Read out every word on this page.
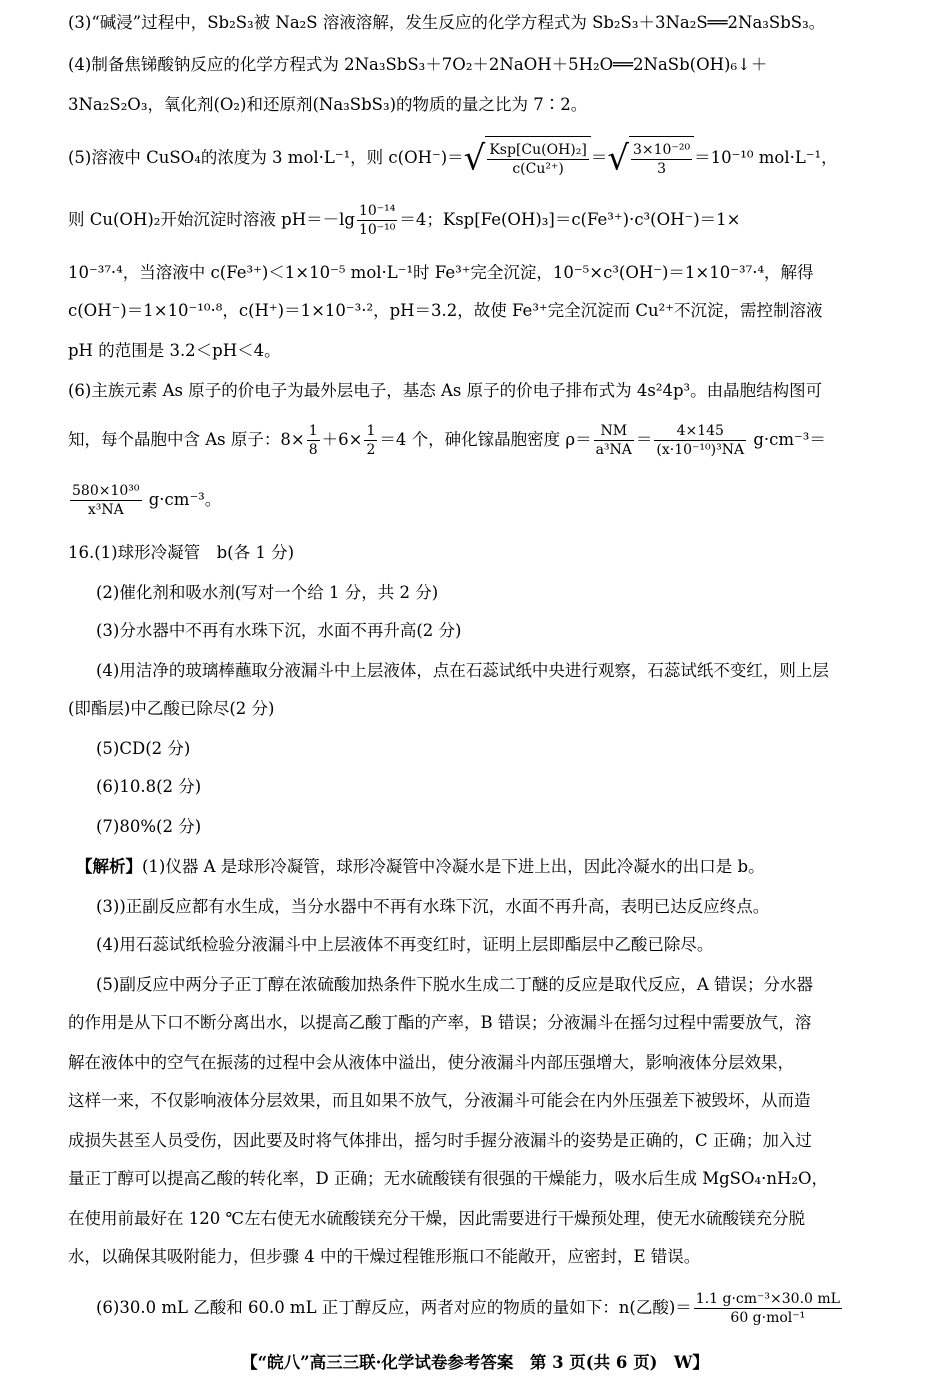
(3)“碱浸”过程中，Sb₂S₃被 Na₂S 溶液溶解，发生反应的化学方程式为 Sb₂S₃＋3Na₂S══2Na₃SbS₃。
(4)制备焦锑酸钠反应的化学方程式为 2Na₃SbS₃＋7O₂＋2NaOH＋5H₂O══2NaSb(OH)₆↓＋
3Na₂S₂O₃，氧化剂(O₂)和还原剂(Na₃SbS₃)的物质的量之比为 7∶2。
(5)溶液中 CuSO₄的浓度为 3 mol·L⁻¹，则 $c(OH^-)=√ \frac{\text{Ksp[Cu(OH)₂]}}{\text{c(Cu²⁺)}}$ ＝√ $\frac{\text{3×10⁻²⁰}}{3} =10^{-10}$ mol·L⁻¹，
则 Cu(OH)₂开始沉淀时溶液 $pH=-\lg \frac{\text{10⁻¹⁴}}{\text{10⁻¹⁰}} =4$；Ksp[Fe(OH)₃]＝c(Fe³⁺)·c³(OH⁻)＝1×
10⁻³⁷·⁴，当溶液中 c(Fe³⁺)＜1×10⁻⁵ mol·L⁻¹时 Fe³⁺完全沉淀，10⁻⁵×c³(OH⁻)＝1×10⁻³⁷·⁴，解得
c(OH⁻)＝1×10⁻¹⁰·⁸，c(H⁺)＝1×10⁻³·²，pH＝3.2，故使 Fe³⁺完全沉淀而 Cu²⁺不沉淀，需控制溶液
pH 的范围是 3.2＜pH＜4。
(6)主族元素 As 原子的价电子为最外层电子，基态 As 原子的价电子排布式为 4s²4p³。由晶胞结构图可
知，每个晶胞中含 As 原子：$8\times \frac{1}{8} +6\times \frac{1}{2} =4$ 个，砷化镓晶胞密度 $\rho= \frac{NM}{\text{a³NA}} = \frac{4\times 145}{\text{(x·10⁻¹⁰)³NA}} g\cdot cm^{-3}=$
$\frac{\text{580×10³⁰}}{\text{x³NA}} g\cdot cm^{-3}$。
16.(1)球形冷凝管　b(各 1 分)
(2)催化剂和吸水剂(写对一个给 1 分，共 2 分)
(3)分水器中不再有水珠下沉，水面不再升高(2 分)
(4)用洁净的玻璃棒蘸取分液漏斗中上层液体，点在石蕊试纸中央进行观察，石蕊试纸不变红，则上层
(即酯层)中乙酸已除尽(2 分)
(5)CD(2 分)
(6)10.8(2 分)
(7)80%(2 分)
【解析】(1)仪器 A 是球形冷凝管，球形冷凝管中冷凝水是下进上出，因此冷凝水的出口是 b。
(3))正副反应都有水生成，当分水器中不再有水珠下沉，水面不再升高，表明已达反应终点。
(4)用石蕊试纸检验分液漏斗中上层液体不再变红时，证明上层即酯层中乙酸已除尽。
(5)副反应中两分子正丁醇在浓硫酸加热条件下脱水生成二丁醚的反应是取代反应，A 错误；分水器
的作用是从下口不断分离出水，以提高乙酸丁酯的产率，B 错误；分液漏斗在摇匀过程中需要放气，溶
解在液体中的空气在振荡的过程中会从液体中溢出，使分液漏斗内部压强增大，影响液体分层效果，
这样一来，不仅影响液体分层效果，而且如果不放气，分液漏斗可能会在内外压强差下被毁坏，从而造
成损失甚至人员受伤，因此要及时将气体排出，摇匀时手握分液漏斗的姿势是正确的，C 正确；加入过
量正丁醇可以提高乙酸的转化率，D 正确；无水硫酸镁有很强的干燥能力，吸水后生成 MgSO₄·nH₂O，
在使用前最好在 120 ℃左右使无水硫酸镁充分干燥，因此需要进行干燥预处理，使无水硫酸镁充分脱
水，以确保其吸附能力，但步骤 4 中的干燥过程锥形瓶口不能敞开，应密封，E 错误。
(6)30.0 mL 乙酸和 60.0 mL 正丁醇反应，两者对应的物质的量如下：n(乙酸)＝ $\frac{\text{1.1 g·cm⁻³×30.0 mL}}{\text{60 g·mol⁻¹}}$
【“皖八”高三三联·化学试卷参考答案　第 3 页(共 6 页)　W】
